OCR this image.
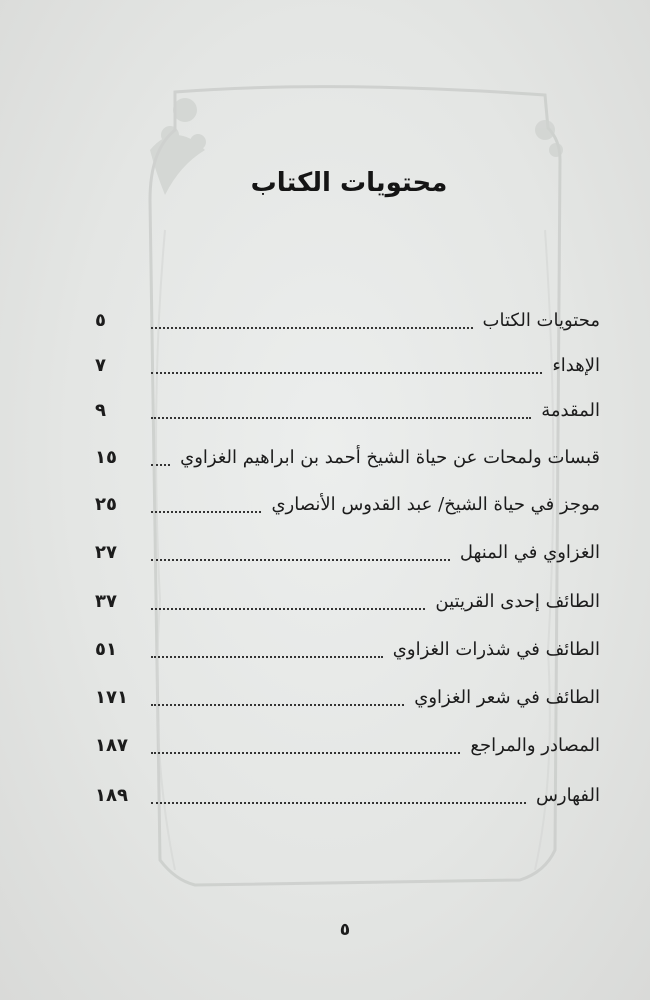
محتويات الكتاب
محتويات الكتاب
٥
الإهداء
٧
المقدمة
٩
قبسات ولمحات عن حياة الشيخ أحمد بن ابراهيم الغزاوي
١٥
موجز في حياة الشيخ/ عبد القدوس الأنصاري
٢٥
الغزاوي في المنهل
٢٧
الطائف إحدى القريتين
٣٧
الطائف في شذرات الغزاوي
٥١
الطائف في شعر الغزاوي
١٧١
المصادر والمراجع
١٨٧
الفهارس
١٨٩
٥
